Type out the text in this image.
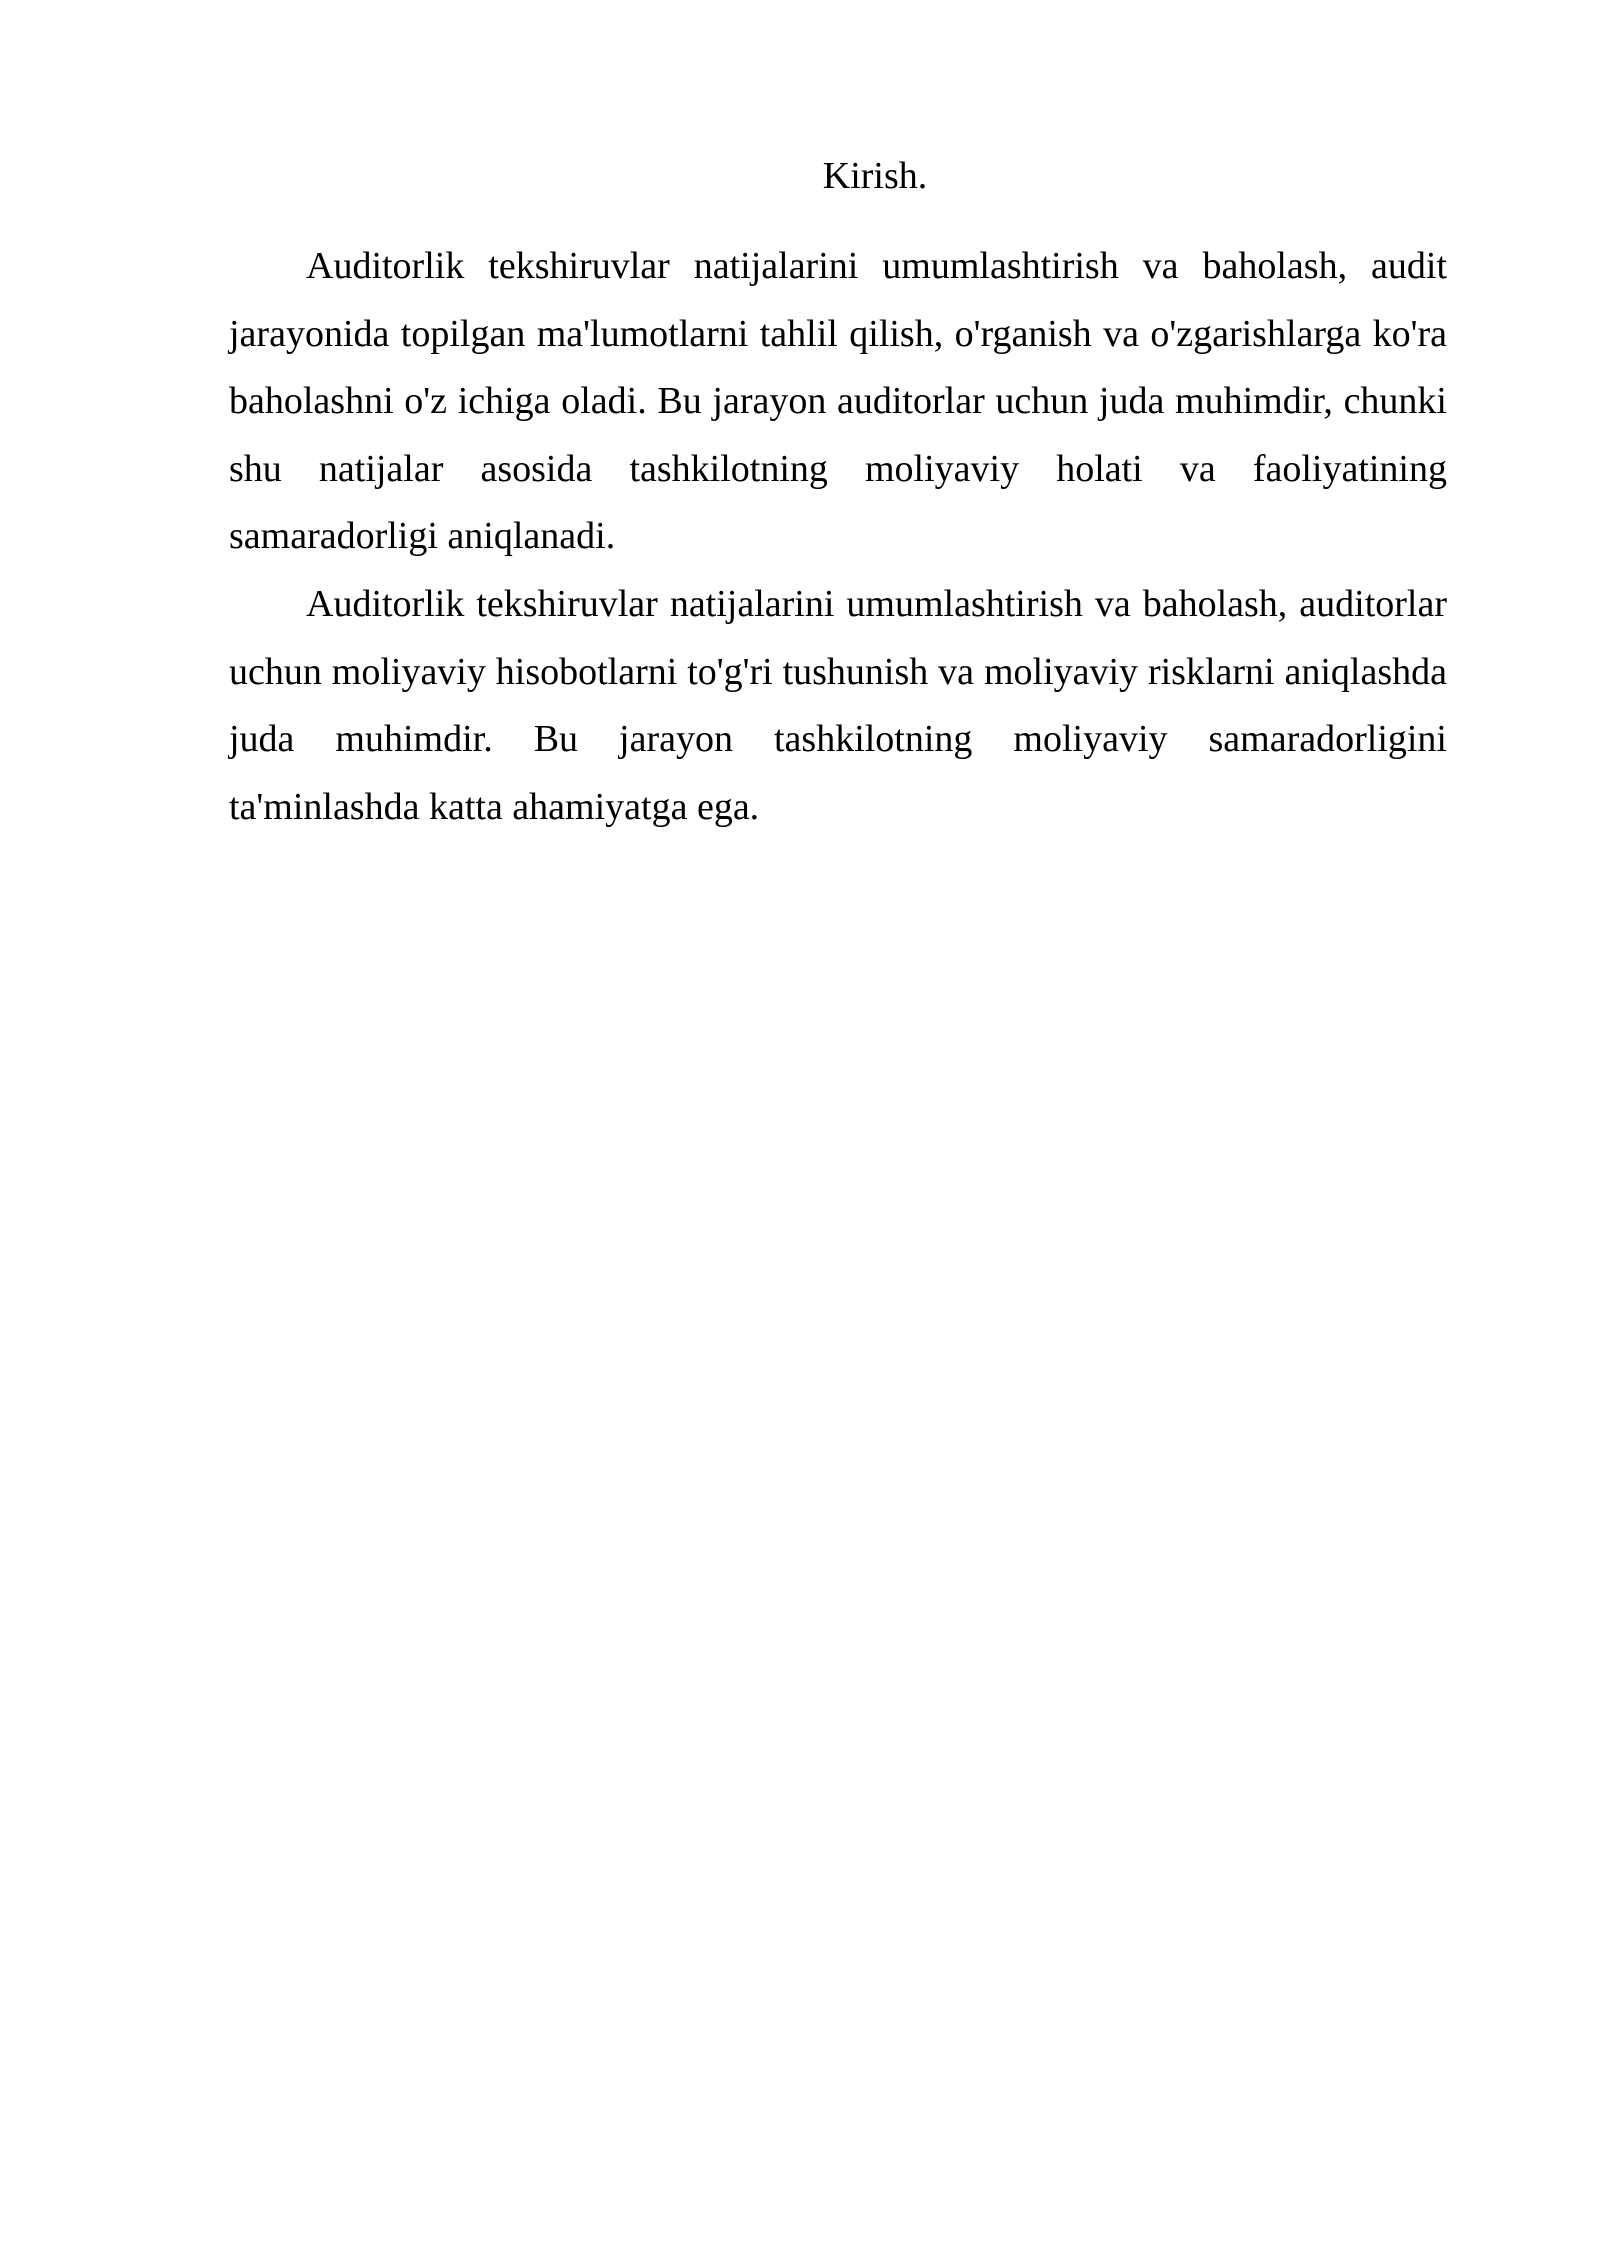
Kirish.

Auditorlik tekshiruvlar natijalarini umumlashtirish va baholash, audit jarayonida topilgan ma'lumotlarni tahlil qilish, o'rganish va o'zgarishlarga ko'ra baholashni o'z ichiga oladi. Bu jarayon auditorlar uchun juda muhimdir, chunki shu natijalar asosida tashkilotning moliyaviy holati va faoliyatining samaradorligi aniqlanadi.

Auditorlik tekshiruvlar natijalarini umumlashtirish va baholash, auditorlar uchun moliyaviy hisobotlarni to'g'ri tushunish va moliyaviy risklarni aniqlashda juda muhimdir. Bu jarayon tashkilotning moliyaviy samaradorligini ta'minlashda katta ahamiyatga ega.
